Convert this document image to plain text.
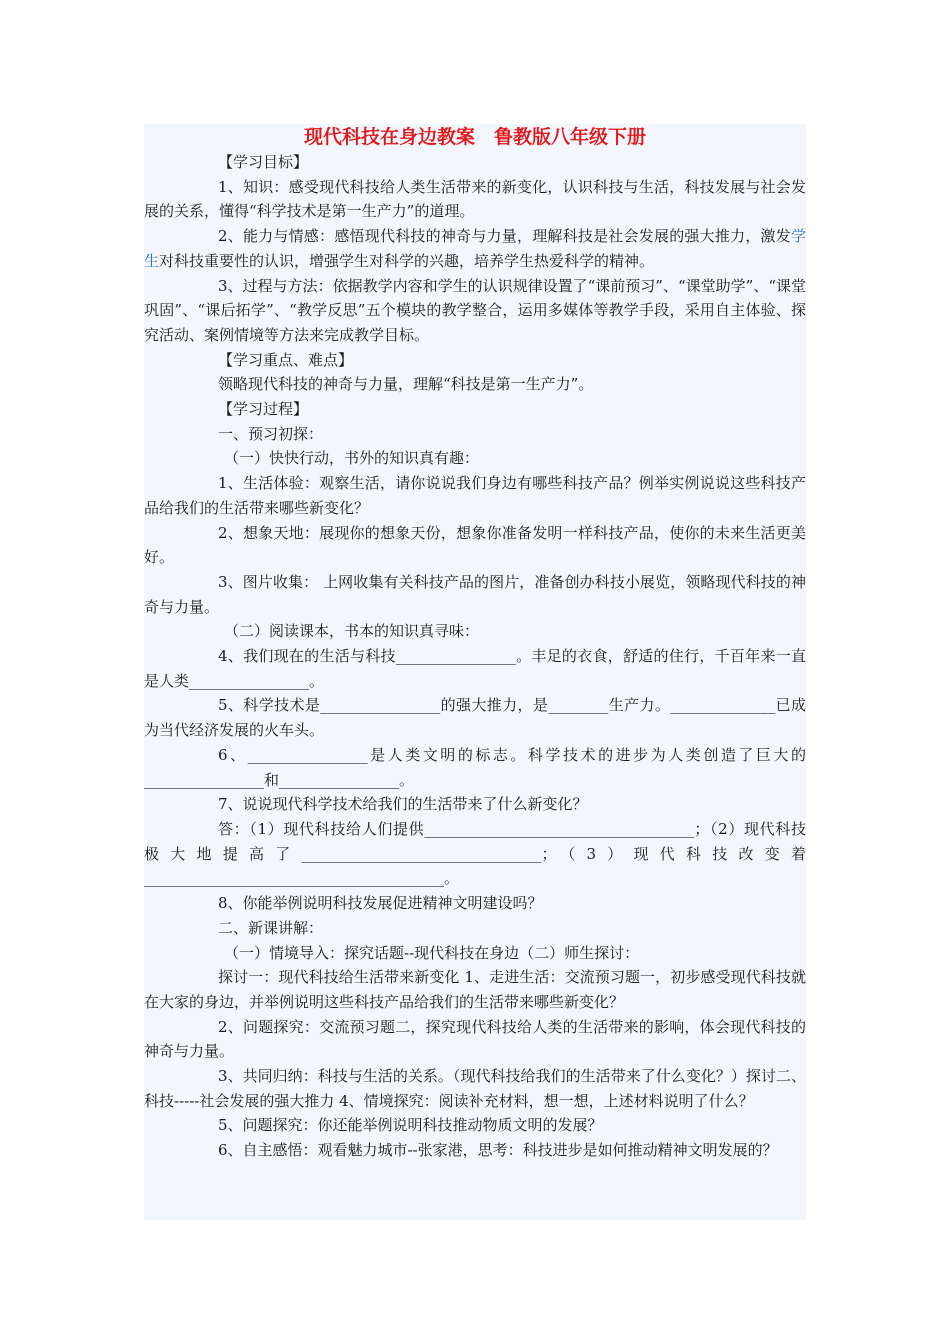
现代科技在身边教案　鲁教版八年级下册

【学习目标】

1、知识：感受现代科技给人类生活带来的新变化，认识科技与生活，科技发展与社会发展的关系，懂得“科学技术是第一生产力”的道理。

2、能力与情感：感悟现代科技的神奇与力量，理解科技是社会发展的强大推力，激发学生对科技重要性的认识，增强学生对科学的兴趣，培养学生热爱科学的精神。

3、过程与方法：依据教学内容和学生的认识规律设置了“课前预习”、“课堂助学”、“课堂巩固”、“课后拓学”、“教学反思”五个模块的教学整合，运用多媒体等教学手段，采用自主体验、探究活动、案例情境等方法来完成教学目标。

【学习重点、难点】

领略现代科技的神奇与力量，理解“科技是第一生产力”。

【学习过程】

一、预习初探：

（一）快快行动，书外的知识真有趣：

1、生活体验：观察生活，请你说说我们身边有哪些科技产品？例举实例说说这些科技产品给我们的生活带来哪些新变化？

2、想象天地：展现你的想象天份，想象你准备发明一样科技产品，使你的未来生活更美好。

3、图片收集： 上网收集有关科技产品的图片，准备创办科技小展览，领略现代科技的神奇与力量。

（二）阅读课本，书本的知识真寻味：

4、我们现在的生活与科技________________。丰足的衣食，舒适的住行，千百年来一直是人类________________。

5、科学技术是________________的强大推力，是________生产力。______________已成为当代经济发展的火车头。

6、________________是人类文明的标志。科学技术的进步为人类创造了巨大的________________和________________。

7、说说现代科学技术给我们的生活带来了什么新变化？

答：（1）现代科技给人们提供____________________________________；（2）现代科技极大地提高了________________________________；（3）现代科技改变着________________________________________。

8、你能举例说明科技发展促进精神文明建设吗？

二、新课讲解：

（一）情境导入：探究话题--现代科技在身边（二）师生探讨：

探讨一：现代科技给生活带来新变化 1、走进生活：交流预习题一，初步感受现代科技就在大家的身边，并举例说明这些科技产品给我们的生活带来哪些新变化？

2、问题探究：交流预习题二，探究现代科技给人类的生活带来的影响，体会现代科技的神奇与力量。

3、共同归纳：科技与生活的关系。（现代科技给我们的生活带来了什么变化？）探讨二、科技-----社会发展的强大推力 4、情境探究：阅读补充材料，想一想，上述材料说明了什么？

5、问题探究：你还能举例说明科技推动物质文明的发展？

6、自主感悟：观看魅力城市--张家港，思考：科技进步是如何推动精神文明发展的？
